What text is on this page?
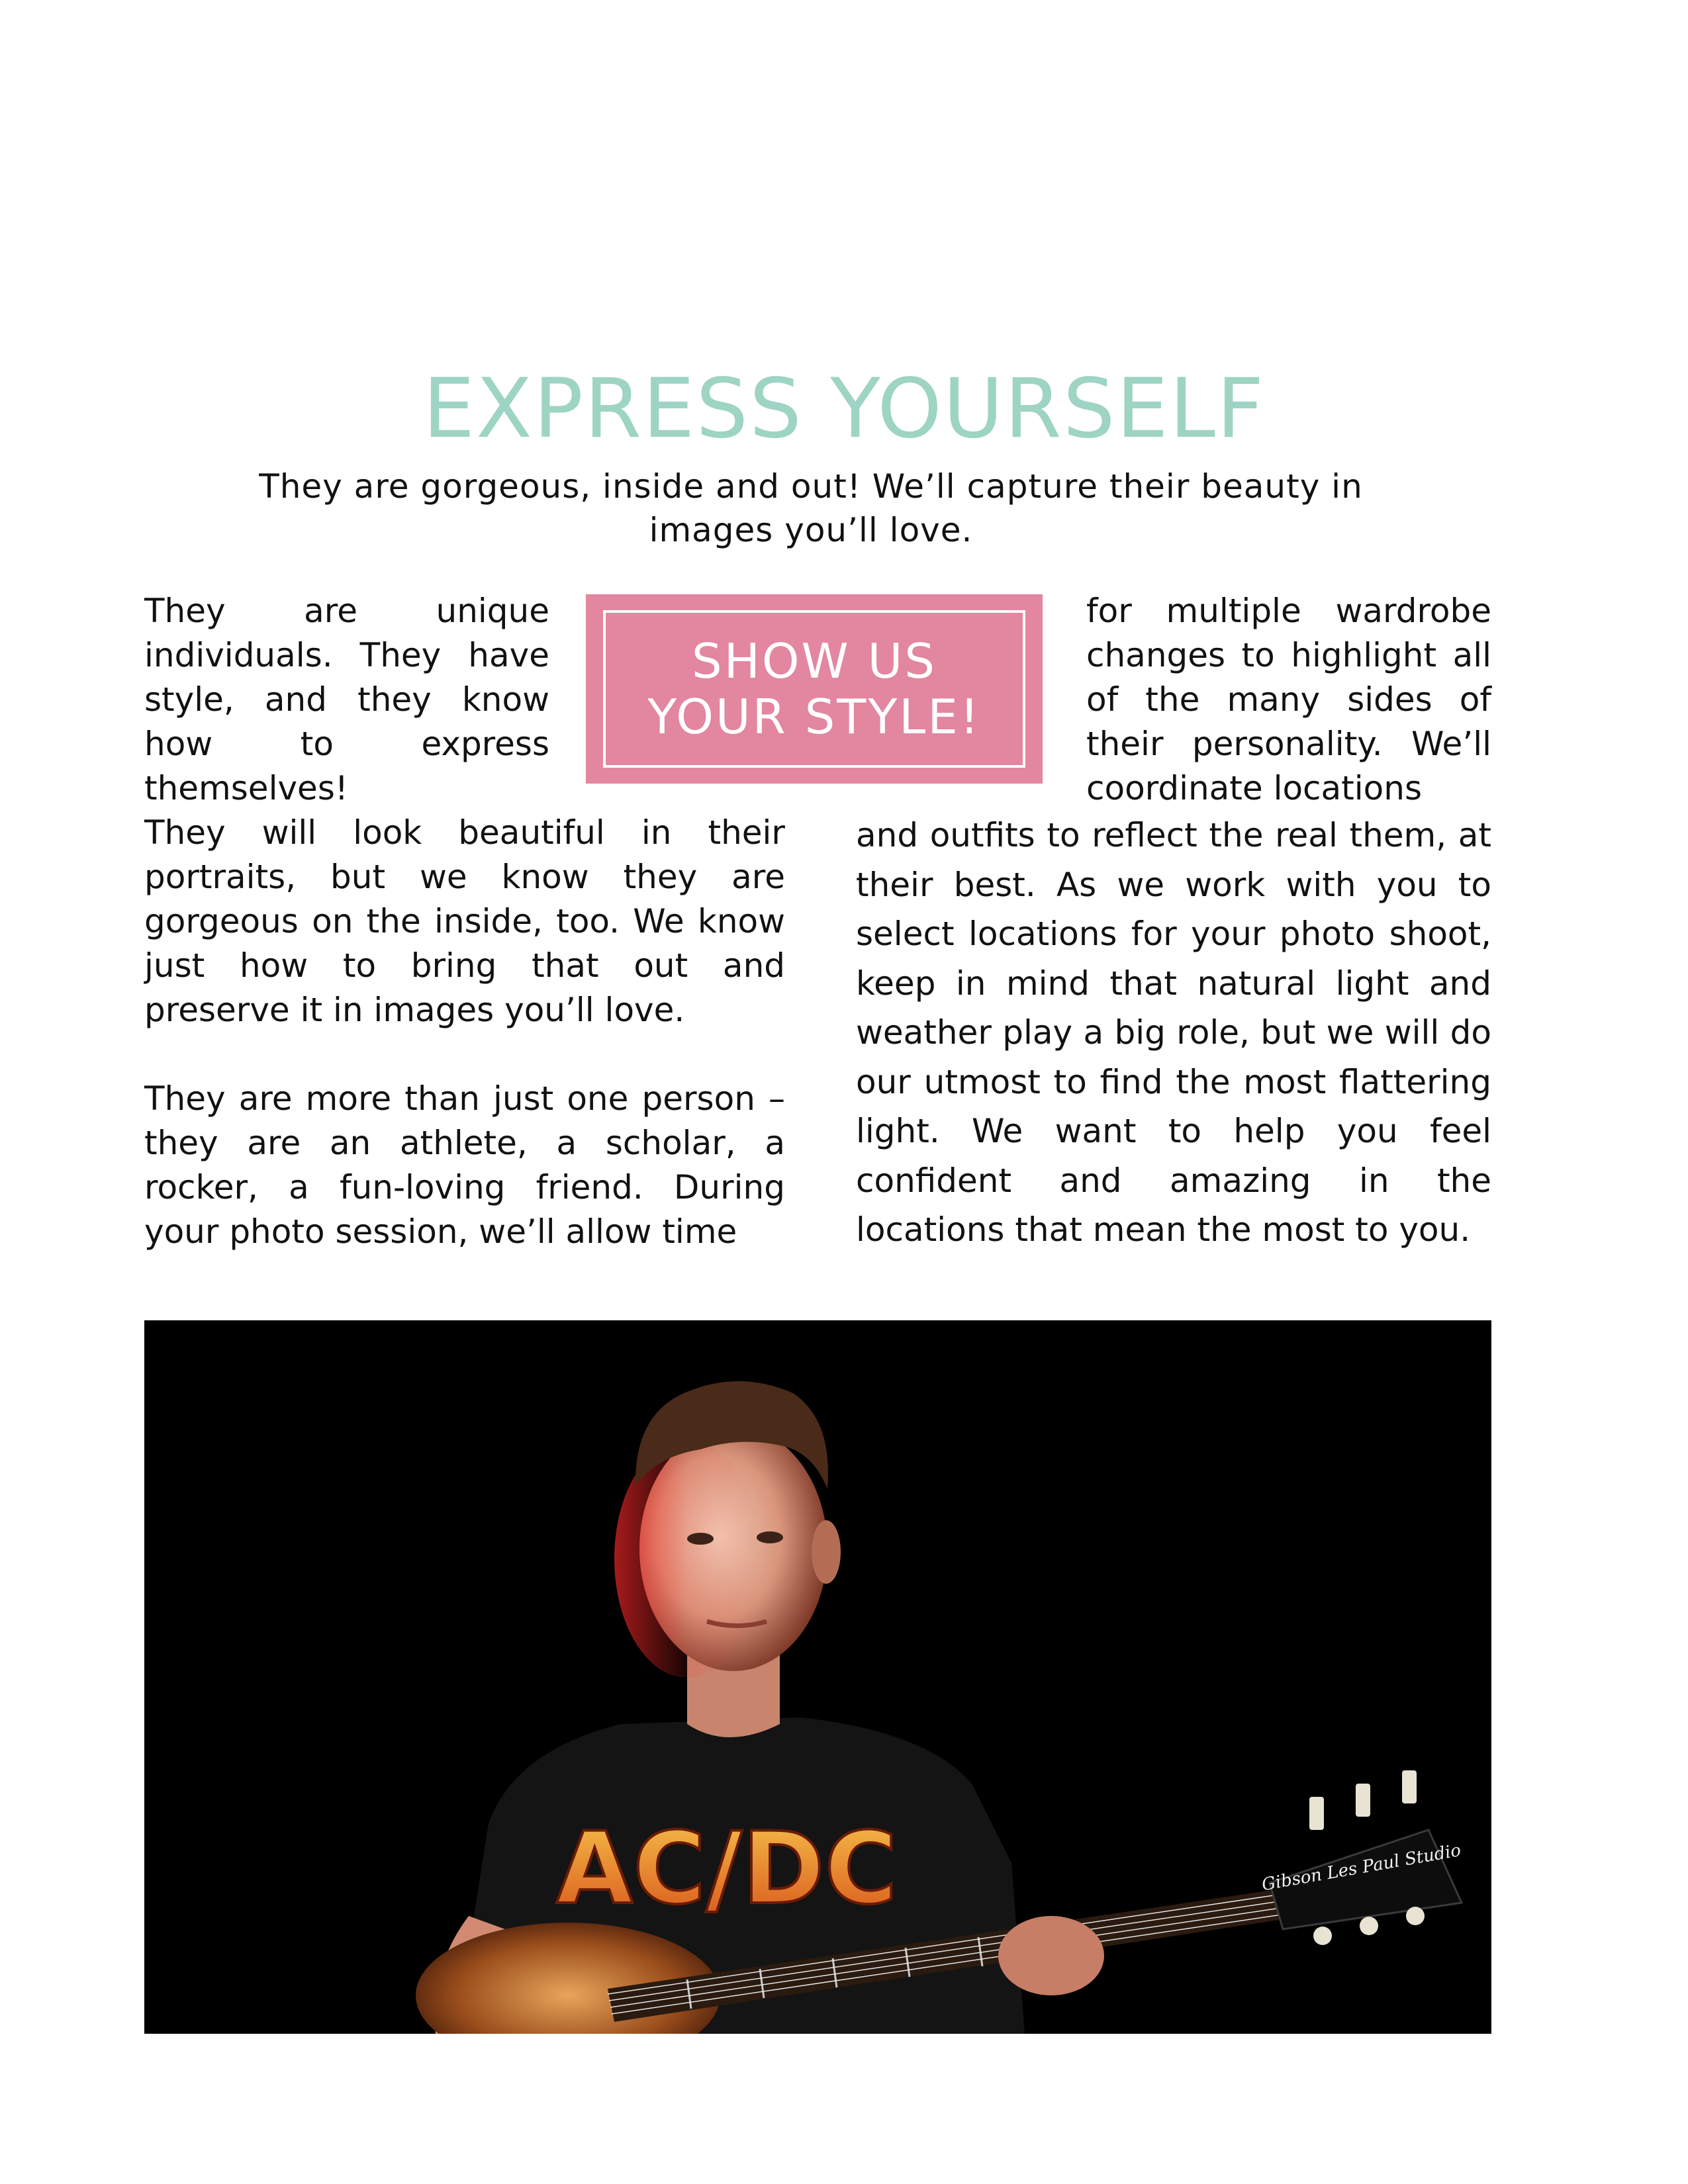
EXPRESS YOURSELF

They are gorgeous, inside and out! We’ll capture their beauty in images you’ll love.

They are unique individuals. They have style, and they know how to express themselves!

SHOW US
YOUR STYLE!

for multiple wardrobe changes to highlight all of the many sides of their personality. We’ll coordinate locations

They will look beautiful in their portraits, but we know they are gorgeous on the inside, too. We know just how to bring that out and preserve it in images you’ll love.

They are more than just one person – they are an athlete, a scholar, a rocker, a fun-loving friend. During your photo session, we’ll allow time

and outfits to reflect the real them, at their best. As we work with you to select locations for your photo shoot, keep in mind that natural light and weather play a big role, but we will do our utmost to find the most flattering light. We want to help you feel confident and amazing in the locations that mean the most to you.

AC/DC	Gibson Les Paul Studio
